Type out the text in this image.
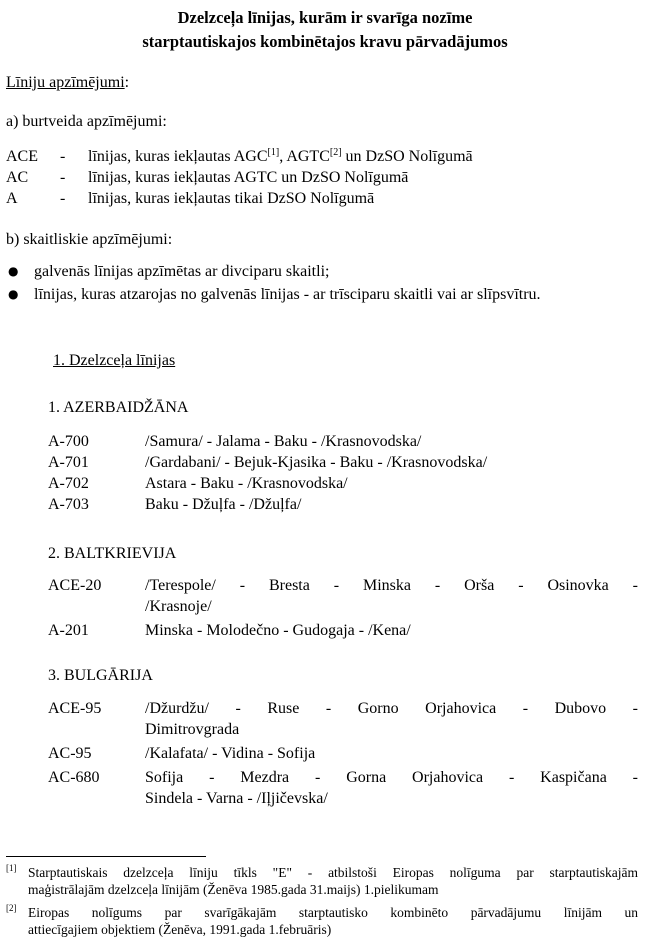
Dzelzceļa līnijas, kurām ir svarīga nozīme
starptautiskajos kombinētajos kravu pārvadājumos
Līniju apzīmējumi:
a) burtveida apzīmējumi:
ACE - līnijas, kuras iekļautas AGC[1], AGTC[2] un DzSO Nolīgumā
AC - līnijas, kuras iekļautas AGTC un DzSO Nolīgumā
A	- līnijas, kuras iekļautas tikai DzSO Nolīgumā
b) skaitliskie apzīmējumi:
● galvenās līnijas apzīmētas ar divciparu skaitli;
● līnijas, kuras atzarojas no galvenās līnijas - ar trīsciparu skaitli vai ar slīpsvītru.
1. Dzelzceļa līnijas
1. AZERBAIDŽĀNA
A-700	/Samura/ - Jalama - Baku - /Krasnovodska/
A-701	/Gardabani/ - Bejuk-Kjasika - Baku - /Krasnovodska/
A-702	Astara - Baku - /Krasnovodska/
A-703	Baku - Džuļfa - /Džuļfa/
2. BALTKRIEVIJA
ACE-20	/Terespole/ - Bresta - Minska - Orša - Osinovka -
/Krasnoje/
A-201	Minska - Molodečno - Gudogaja - /Kena/
3. BULGĀRIJA
ACE-95	/Džurdžu/ - Ruse - Gorno Orjahovica - Dubovo -
Dimitrovgrada
AC-95	/Kalafata/ - Vidina - Sofija
AC-680	Sofija - Mezdra - Gorna Orjahovica - Kaspičana -
Sindela - Varna - /Iļjičevska/
[1] Starptautiskais dzelzceļa līniju tīkls "E" - atbilstoši Eiropas nolīguma par starptautiskajām
maģistrālajām dzelzceļa līnijām (Ženēva 1985.gada 31.maijs) 1.pielikumam
[2] Eiropas nolīgums par svarīgākajām starptautisko kombinēto pārvadājumu līnijām un
attiecīgajiem objektiem (Ženēva, 1991.gada 1.februāris)
